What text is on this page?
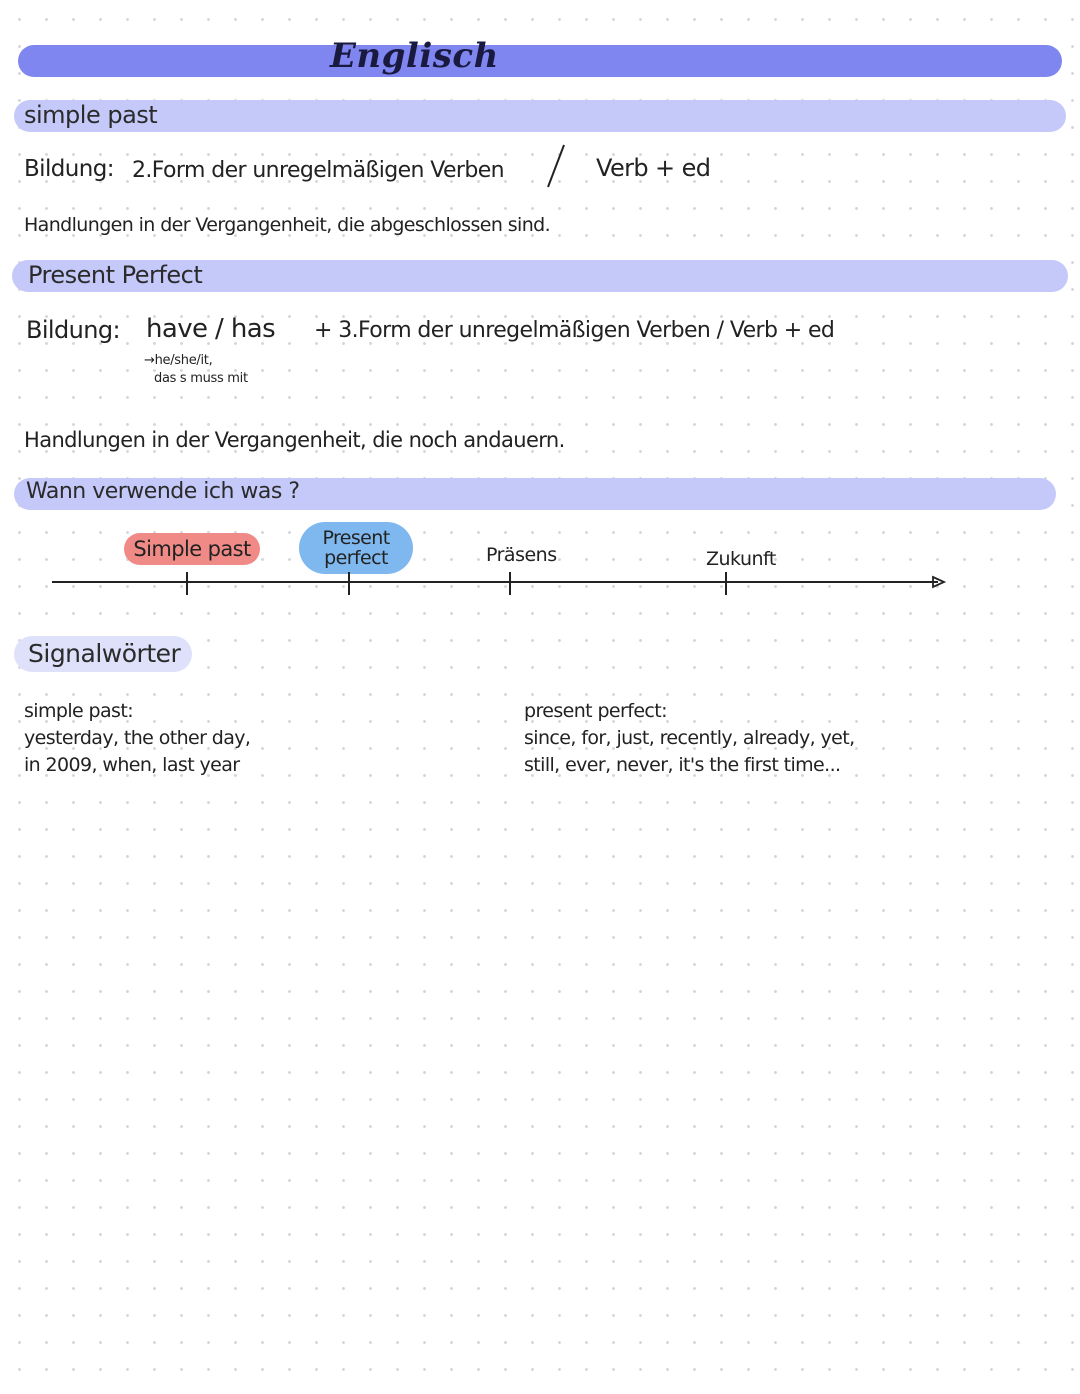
Englisch
simple past
Bildung: 2.Form der unregelmäßigen Verben	Verb + ed
Handlungen in der Vergangenheit, die abgeschlossen sind.
Present Perfect
Bildung: have / has + 3.Form der unregelmäßigen Verben / Verb + ed
→he/she/it,
das s muss mit
Handlungen in der Vergangenheit, die noch andauern.
Wann verwende ich was ?
Simple past	Present
perfect	Präsens	Zukunft
Signalwörter
simple past:
yesterday, the other day,
in 2009, when, last year
present perfect:
since, for, just, recently, already, yet,
still, ever, never, it's the first time...
